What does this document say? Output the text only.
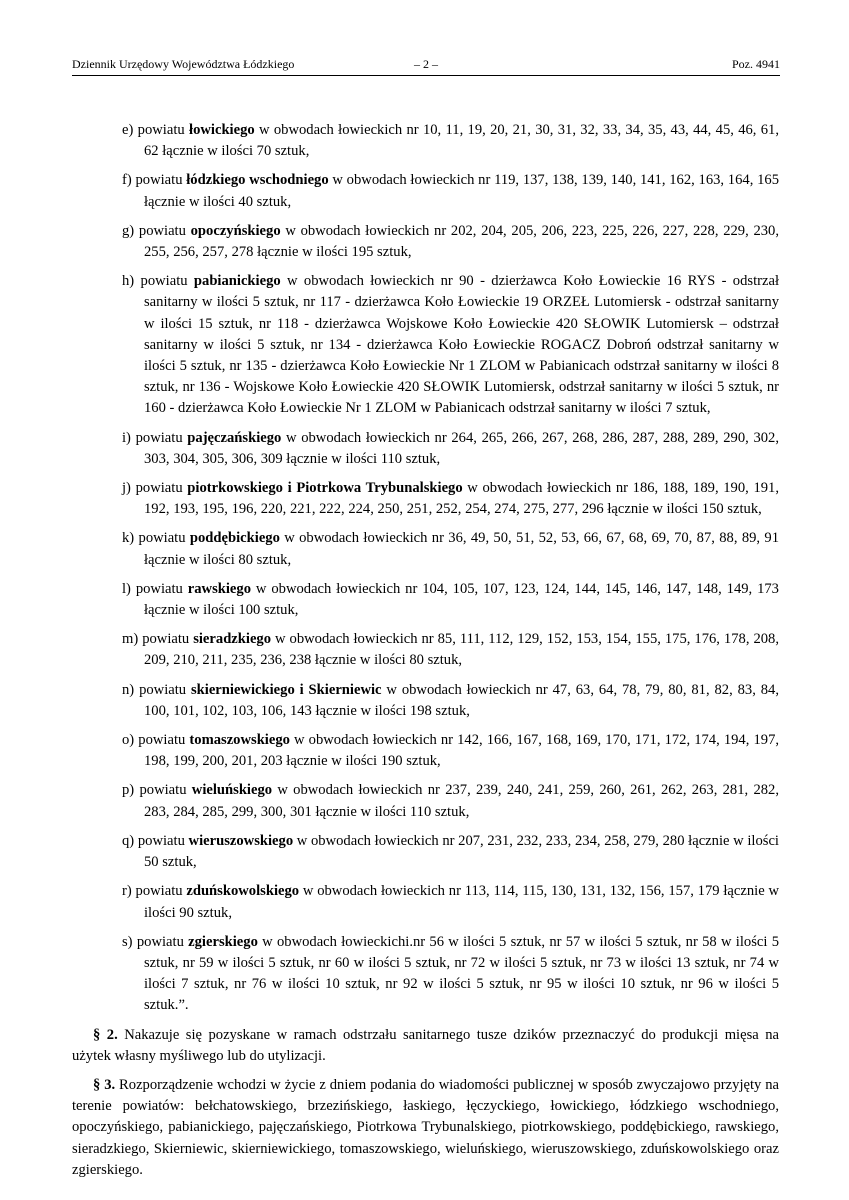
Dziennik Urzędowy Województwa Łódzkiego	– 2 –	Poz. 4941

e) powiatu łowickiego w obwodach łowieckich nr 10, 11, 19, 20, 21, 30, 31, 32, 33, 34, 35, 43, 44, 45, 46, 61, 62 łącznie w ilości 70 sztuk,

f) powiatu łódzkiego wschodniego w obwodach łowieckich nr 119, 137, 138, 139, 140, 141, 162, 163, 164, 165 łącznie w ilości 40 sztuk,

g) powiatu opoczyńskiego w obwodach łowieckich nr 202, 204, 205, 206, 223, 225, 226, 227, 228, 229, 230, 255, 256, 257, 278 łącznie w ilości 195 sztuk,

h) powiatu pabianickiego w obwodach łowieckich nr 90 - dzierżawca Koło Łowieckie 16 RYS - odstrzał sanitarny w ilości 5 sztuk, nr 117 - dzierżawca Koło Łowieckie 19 ORZEŁ Lutomiersk - odstrzał sanitarny w ilości 15 sztuk, nr 118 - dzierżawca Wojskowe Koło Łowieckie 420 SŁOWIK Lutomiersk – odstrzał sanitarny w ilości 5 sztuk, nr 134 - dzierżawca Koło Łowieckie ROGACZ Dobroń odstrzał sanitarny w ilości 5 sztuk, nr 135 - dzierżawca Koło Łowieckie Nr 1 ZLOM w Pabianicach odstrzał sanitarny w ilości 8 sztuk, nr 136 - Wojskowe Koło Łowieckie 420 SŁOWIK Lutomiersk, odstrzał sanitarny w ilości 5 sztuk, nr 160 - dzierżawca Koło Łowieckie Nr 1 ZLOM w Pabianicach odstrzał sanitarny w ilości 7 sztuk,

i) powiatu pajęczańskiego w obwodach łowieckich nr 264, 265, 266, 267, 268, 286, 287, 288, 289, 290, 302, 303, 304, 305, 306, 309 łącznie w ilości 110 sztuk,

j) powiatu piotrkowskiego i Piotrkowa Trybunalskiego w obwodach łowieckich nr 186, 188, 189, 190, 191, 192, 193, 195, 196, 220, 221, 222, 224, 250, 251, 252, 254, 274, 275, 277, 296 łącznie w ilości 150 sztuk,

k) powiatu poddębickiego w obwodach łowieckich nr 36, 49, 50, 51, 52, 53, 66, 67, 68, 69, 70, 87, 88, 89, 91 łącznie w ilości 80 sztuk,

l) powiatu rawskiego w obwodach łowieckich nr 104, 105, 107, 123, 124, 144, 145, 146, 147, 148, 149, 173 łącznie w ilości 100 sztuk,

m) powiatu sieradzkiego w obwodach łowieckich nr 85, 111, 112, 129, 152, 153, 154, 155, 175, 176, 178, 208, 209, 210, 211, 235, 236, 238 łącznie w ilości 80 sztuk,

n) powiatu skierniewickiego i Skierniewic w obwodach łowieckich nr 47, 63, 64, 78, 79, 80, 81, 82, 83, 84, 100, 101, 102, 103, 106, 143 łącznie w ilości 198 sztuk,

o) powiatu tomaszowskiego w obwodach łowieckich nr 142, 166, 167, 168, 169, 170, 171, 172, 174, 194, 197, 198, 199, 200, 201, 203 łącznie w ilości 190 sztuk,

p) powiatu wieluńskiego w obwodach łowieckich nr 237, 239, 240, 241, 259, 260, 261, 262, 263, 281, 282, 283, 284, 285, 299, 300, 301 łącznie w ilości 110 sztuk,

q) powiatu wieruszowskiego w obwodach łowieckich nr 207, 231, 232, 233, 234, 258, 279, 280 łącznie w ilości 50 sztuk,

r) powiatu zduńskowolskiego w obwodach łowieckich nr 113, 114, 115, 130, 131, 132, 156, 157, 179 łącznie w ilości 90 sztuk,

s) powiatu zgierskiego w obwodach łowieckichi.nr 56 w ilości 5 sztuk, nr 57 w ilości 5 sztuk, nr 58 w ilości 5 sztuk, nr 59 w ilości 5 sztuk, nr 60 w ilości 5 sztuk, nr 72 w ilości 5 sztuk, nr 73 w ilości 13 sztuk, nr 74 w ilości 7 sztuk, nr 76 w ilości 10 sztuk, nr 92 w ilości 5 sztuk, nr 95 w ilości 10 sztuk, nr 96 w ilości 5 sztuk.”.

§ 2. Nakazuje się pozyskane w ramach odstrzału sanitarnego tusze dzików przeznaczyć do produkcji mięsa na użytek własny myśliwego lub do utylizacji.

§ 3. Rozporządzenie wchodzi w życie z dniem podania do wiadomości publicznej w sposób zwyczajowo przyjęty na terenie powiatów: bełchatowskiego, brzezińskiego, łaskiego, łęczyckiego, łowickiego, łódzkiego wschodniego, opoczyńskiego, pabianickiego, pajęczańskiego, Piotrkowa Trybunalskiego, piotrkowskiego, poddębickiego, rawskiego, sieradzkiego, Skierniewic, skierniewickiego, tomaszowskiego, wieluńskiego, wieruszowskiego, zduńskowolskiego oraz zgierskiego.
